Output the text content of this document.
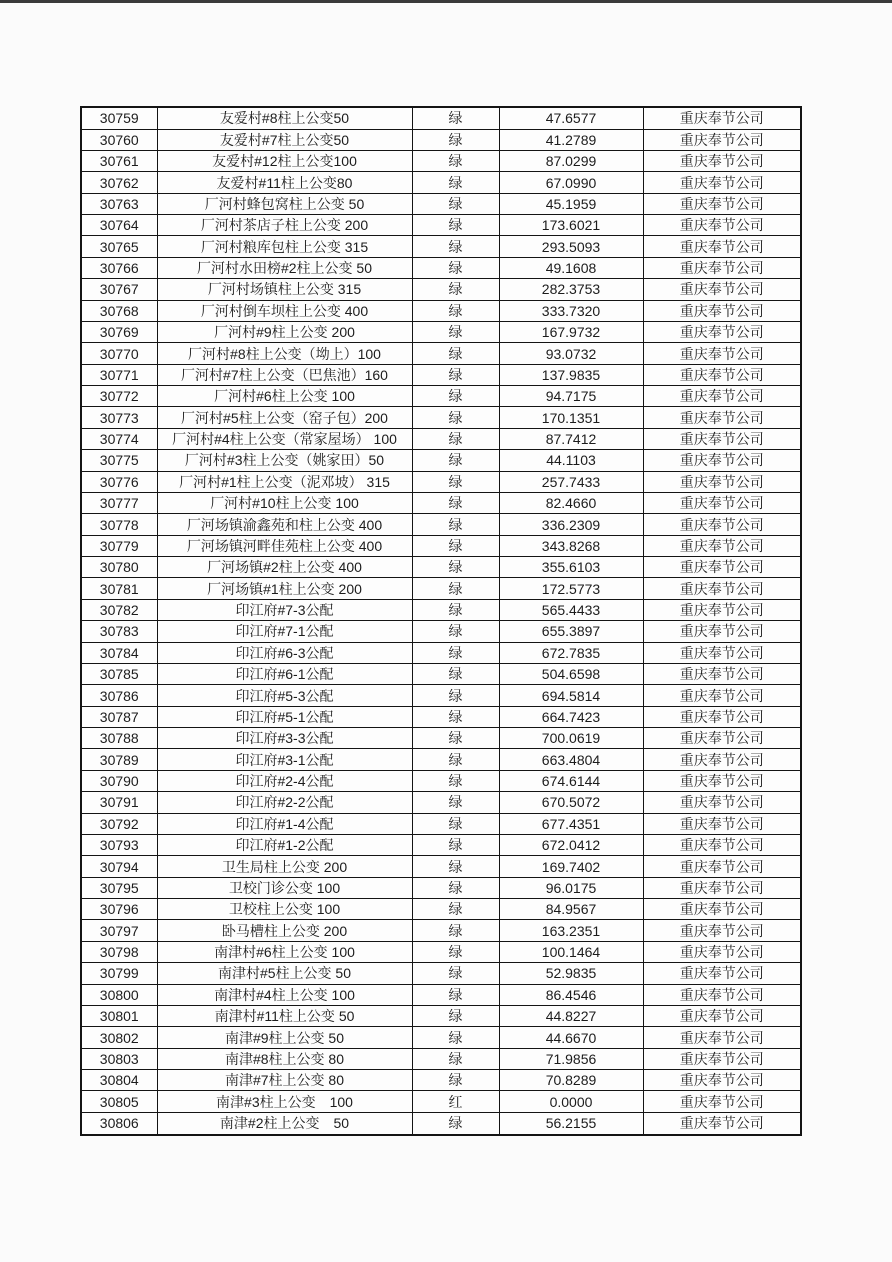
30759	友爱村#8柱上公变50	绿	47.6577	重庆奉节公司
30760	友爱村#7柱上公变50	绿	41.2789	重庆奉节公司
30761	友爱村#12柱上公变100	绿	87.0299	重庆奉节公司
30762	友爱村#11柱上公变80	绿	67.0990	重庆奉节公司
30763	厂河村蜂包窝柱上公变 50	绿	45.1959	重庆奉节公司
30764	厂河村茶店子柱上公变 200	绿	173.6021	重庆奉节公司
30765	厂河村粮库包柱上公变 315	绿	293.5093	重庆奉节公司
30766	厂河村水田榜#2柱上公变 50	绿	49.1608	重庆奉节公司
30767	厂河村场镇柱上公变 315	绿	282.3753	重庆奉节公司
30768	厂河村倒车坝柱上公变 400	绿	333.7320	重庆奉节公司
30769	厂河村#9柱上公变 200	绿	167.9732	重庆奉节公司
30770	厂河村#8柱上公变（坳上）100	绿	93.0732	重庆奉节公司
30771	厂河村#7柱上公变（巴焦池）160	绿	137.9835	重庆奉节公司
30772	厂河村#6柱上公变 100	绿	94.7175	重庆奉节公司
30773	厂河村#5柱上公变（窑子包）200	绿	170.1351	重庆奉节公司
30774	厂河村#4柱上公变（常家屋场） 100	绿	87.7412	重庆奉节公司
30775	厂河村#3柱上公变（姚家田）50	绿	44.1103	重庆奉节公司
30776	厂河村#1柱上公变（泥邓坡） 315	绿	257.7433	重庆奉节公司
30777	厂河村#10柱上公变 100	绿	82.4660	重庆奉节公司
30778	厂河场镇渝鑫苑和柱上公变 400	绿	336.2309	重庆奉节公司
30779	厂河场镇河畔佳苑柱上公变 400	绿	343.8268	重庆奉节公司
30780	厂河场镇#2柱上公变 400	绿	355.6103	重庆奉节公司
30781	厂河场镇#1柱上公变 200	绿	172.5773	重庆奉节公司
30782	印江府#7-3公配	绿	565.4433	重庆奉节公司
30783	印江府#7-1公配	绿	655.3897	重庆奉节公司
30784	印江府#6-3公配	绿	672.7835	重庆奉节公司
30785	印江府#6-1公配	绿	504.6598	重庆奉节公司
30786	印江府#5-3公配	绿	694.5814	重庆奉节公司
30787	印江府#5-1公配	绿	664.7423	重庆奉节公司
30788	印江府#3-3公配	绿	700.0619	重庆奉节公司
30789	印江府#3-1公配	绿	663.4804	重庆奉节公司
30790	印江府#2-4公配	绿	674.6144	重庆奉节公司
30791	印江府#2-2公配	绿	670.5072	重庆奉节公司
30792	印江府#1-4公配	绿	677.4351	重庆奉节公司
30793	印江府#1-2公配	绿	672.0412	重庆奉节公司
30794	卫生局柱上公变 200	绿	169.7402	重庆奉节公司
30795	卫校门诊公变 100	绿	96.0175	重庆奉节公司
30796	卫校柱上公变 100	绿	84.9567	重庆奉节公司
30797	卧马槽柱上公变 200	绿	163.2351	重庆奉节公司
30798	南津村#6柱上公变 100	绿	100.1464	重庆奉节公司
30799	南津村#5柱上公变 50	绿	52.9835	重庆奉节公司
30800	南津村#4柱上公变 100	绿	86.4546	重庆奉节公司
30801	南津村#11柱上公变 50	绿	44.8227	重庆奉节公司
30802	南津#9柱上公变 50	绿	44.6670	重庆奉节公司
30803	南津#8柱上公变 80	绿	71.9856	重庆奉节公司
30804	南津#7柱上公变 80	绿	70.8289	重庆奉节公司
30805	南津#3柱上公变　100	红	0.0000	重庆奉节公司
30806	南津#2柱上公变　50	绿	56.2155	重庆奉节公司
